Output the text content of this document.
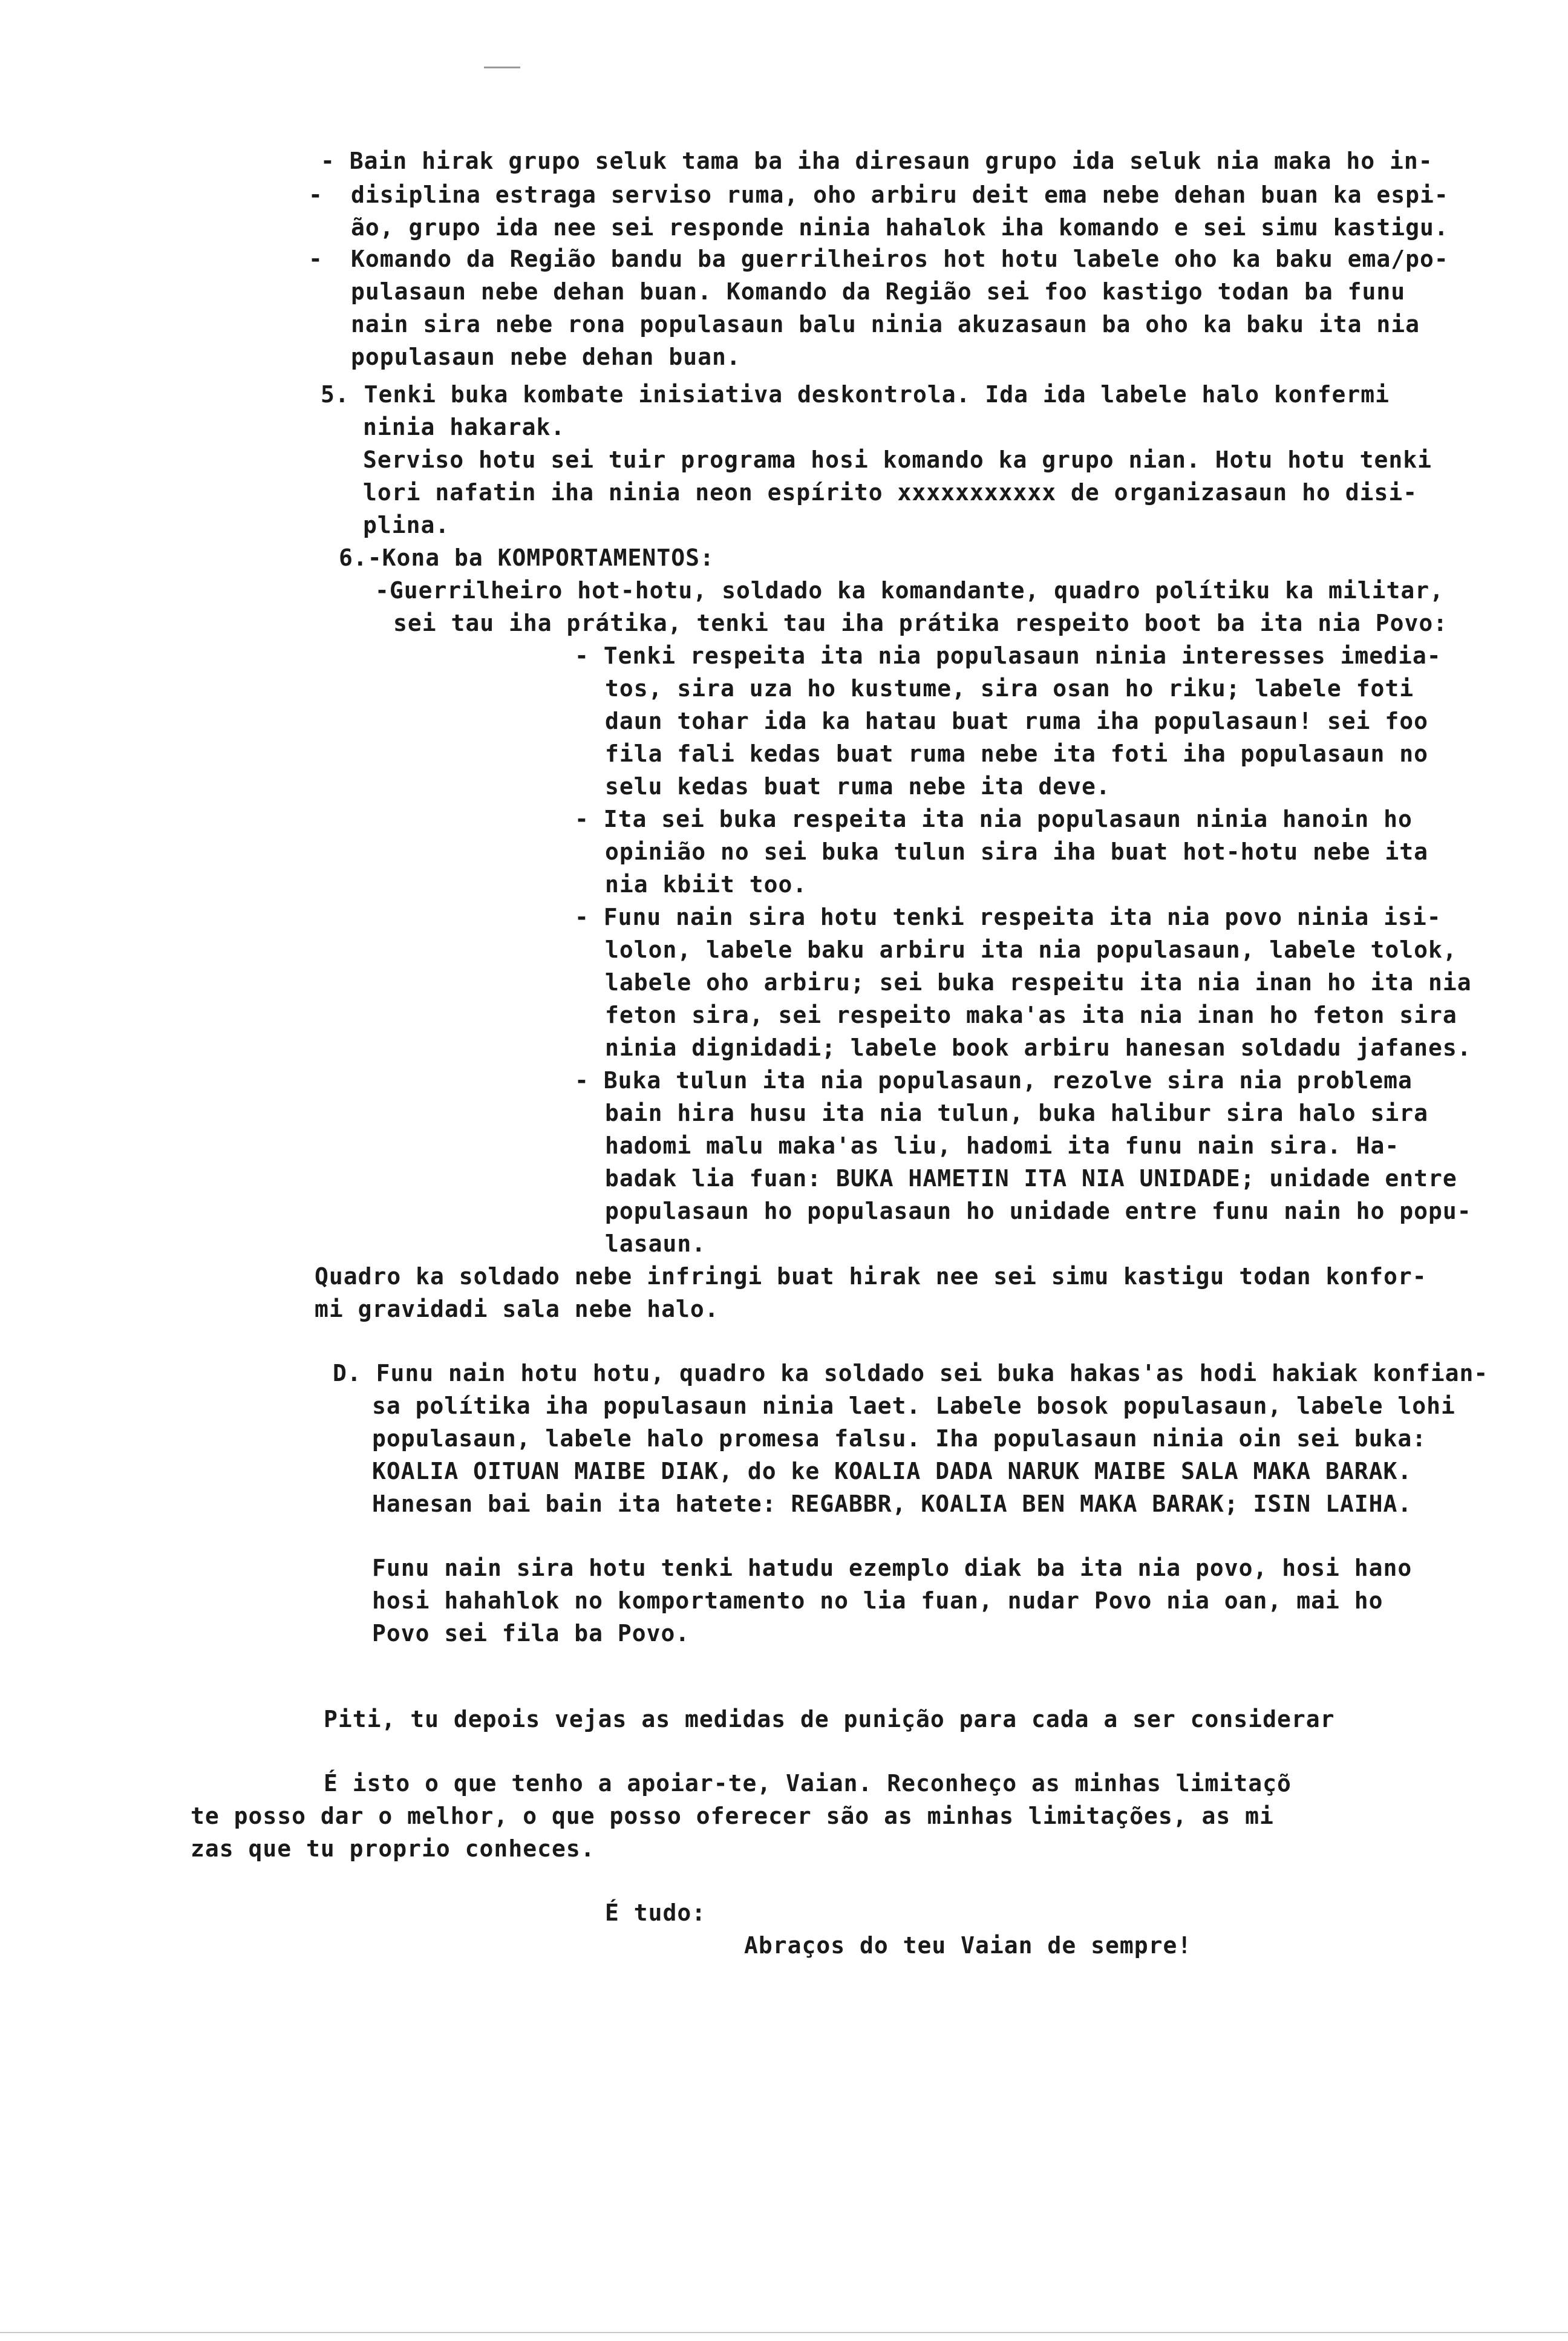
- Bain hirak grupo seluk tama ba iha diresaun grupo ida seluk nia maka ho in-
- disiplina estraga serviso ruma, oho arbiru deit ema nebe dehan buan ka espi-
ão, grupo ida nee sei responde ninia hahalok iha komando e sei simu kastigu.
- Komando da Região bandu ba guerrilheiros hot hotu labele oho ka baku ema/po-
pulasaun nebe dehan buan. Komando da Região sei foo kastigo todan ba funu
nain sira nebe rona populasaun balu ninia akuzasaun ba oho ka baku ita nia
populasaun nebe dehan buan.
5. Tenki buka kombate inisiativa deskontrola. Ida ida labele halo konfermi
ninia hakarak.
Serviso hotu sei tuir programa hosi komando ka grupo nian. Hotu hotu tenki
lori nafatin iha ninia neon espírito xxxxxxxxxxx de organizasaun ho disi-
plina.
6.-Kona ba KOMPORTAMENTOS:
-Guerrilheiro hot-hotu, soldado ka komandante, quadro polítiku ka militar,
sei tau iha prátika, tenki tau iha prátika respeito boot ba ita nia Povo:
- Tenki respeita ita nia populasaun ninia interesses imedia-
tos, sira uza ho kustume, sira osan ho riku; labele foti
daun tohar ida ka hatau buat ruma iha populasaun! sei foo
fila fali kedas buat ruma nebe ita foti iha populasaun no
selu kedas buat ruma nebe ita deve.
- Ita sei buka respeita ita nia populasaun ninia hanoin ho
opinião no sei buka tulun sira iha buat hot-hotu nebe ita
nia kbiit too.
- Funu nain sira hotu tenki respeita ita nia povo ninia isi-
lolon, labele baku arbiru ita nia populasaun, labele tolok,
labele oho arbiru; sei buka respeitu ita nia inan ho ita nia
feton sira, sei respeito maka'as ita nia inan ho feton sira
ninia dignidadi; labele book arbiru hanesan soldadu jafanes.
- Buka tulun ita nia populasaun, rezolve sira nia problema
bain hira husu ita nia tulun, buka halibur sira halo sira
hadomi malu maka'as liu, hadomi ita funu nain sira. Ha-
badak lia fuan: BUKA HAMETIN ITA NIA UNIDADE; unidade entre
populasaun ho populasaun ho unidade entre funu nain ho popu-
lasaun.
Quadro ka soldado nebe infringi buat hirak nee sei simu kastigu todan konfor-
mi gravidadi sala nebe halo.
D. Funu nain hotu hotu, quadro ka soldado sei buka hakas'as hodi hakiak konfian-
sa polítika iha populasaun ninia laet. Labele bosok populasaun, labele lohi
populasaun, labele halo promesa falsu. Iha populasaun ninia oin sei buka:
KOALIA OITUAN MAIBE DIAK, do ke KOALIA DADA NARUK MAIBE SALA MAKA BARAK.
Hanesan bai bain ita hatete: REGABBR, KOALIA BEN MAKA BARAK; ISIN LAIHA.
Funu nain sira hotu tenki hatudu ezemplo diak ba ita nia povo, hosi hano
hosi hahahlok no komportamento no lia fuan, nudar Povo nia oan, mai ho
Povo sei fila ba Povo.
Piti, tu depois vejas as medidas de punição para cada a ser considerar
É isto o que tenho a apoiar-te, Vaian. Reconheço as minhas limitaçõ
te posso dar o melhor, o que posso oferecer são as minhas limitações, as mi
zas que tu proprio conheces.
É tudo:
Abraços do teu Vaian de sempre!
